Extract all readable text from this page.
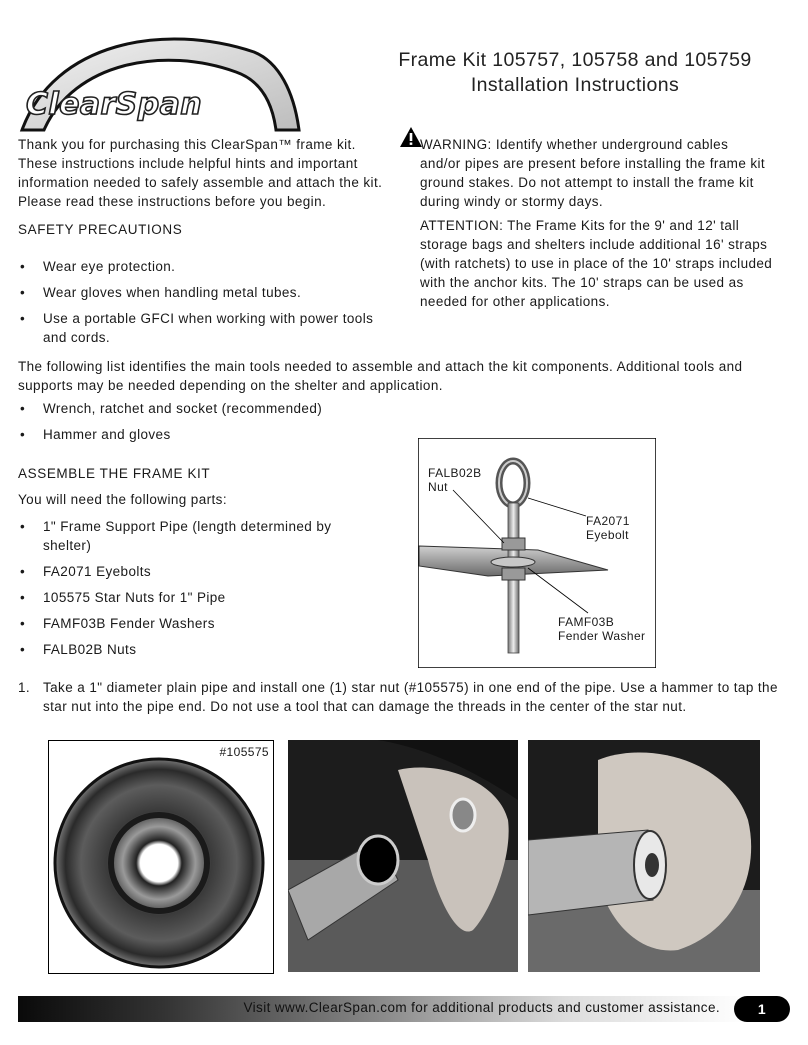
ClearSpan
Frame Kit 105757, 105758 and 105759
Installation Instructions

Thank you for purchasing this ClearSpan™ frame kit. These instructions include helpful hints and important information needed to safely assemble and attach the kit. Please read these instructions before you begin.

SAFETY PRECAUTIONS
• Wear eye protection.
• Wear gloves when handling metal tubes.
• Use a portable GFCI when working with power tools and cords.

WARNING: Identify whether underground cables and/or pipes are present before installing the frame kit ground stakes. Do not attempt to install the frame kit during windy or stormy days.

ATTENTION: The Frame Kits for the 9' and 12' tall storage bags and shelters include additional 16' straps (with ratchets) to use in place of the 10' straps included with the anchor kits. The 10' straps can be used as needed for other applications.

The following list identifies the main tools needed to assemble and attach the kit components. Additional tools and supports may be needed depending on the shelter and application.

• Wrench, ratchet and socket (recommended)
• Hammer and gloves
ASSEMBLE THE FRAME KIT
You will need the following parts:
• 1" Frame Support Pipe (length determined by shelter)
• FA2071 Eyebolts
• 105575 Star Nuts for 1" Pipe
• FAMF03B Fender Washers
• FALB02B Nuts
FALB02B
Nut
FA2071
Eyebolt
FAMF03B
Fender Washer
1. Take a 1" diameter plain pipe and install one (1) star nut (#105575) in one end of the pipe. Use a hammer to tap the star nut into the pipe end. Do not use a tool that can damage the threads in the center of the star nut.

#105575
Visit www.ClearSpan.com for additional products and customer assistance.	1
